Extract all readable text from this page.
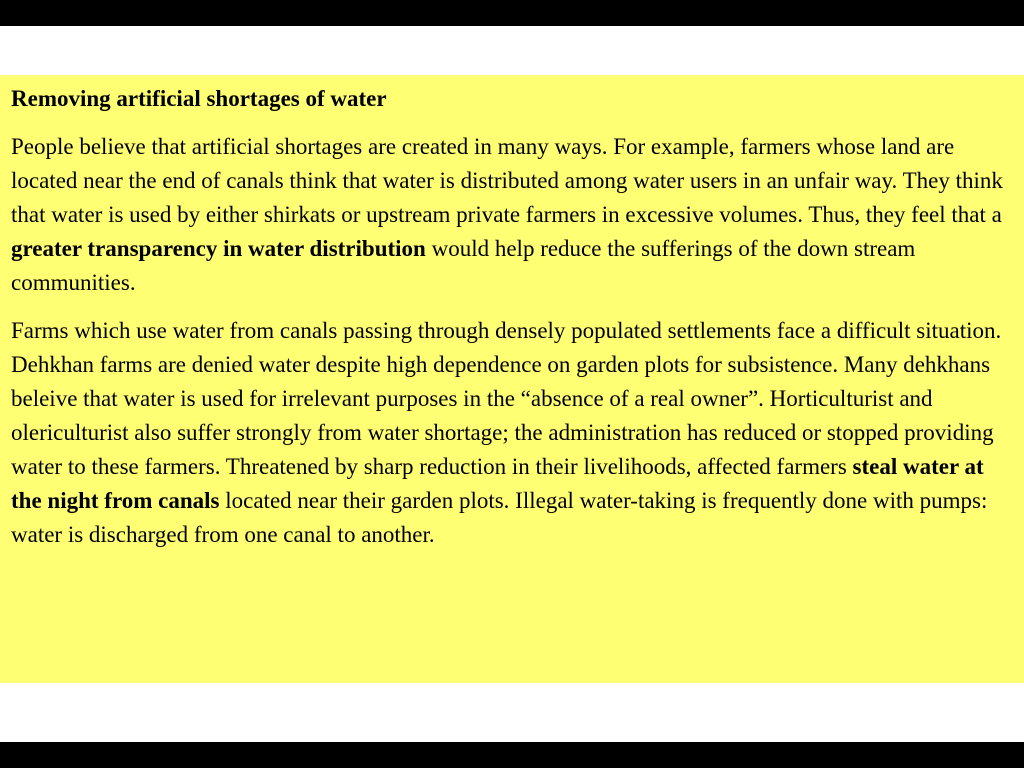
Removing artificial shortages of water

People believe that artificial shortages are created in many ways. For example, farmers whose land are located near the end of canals think that water is distributed among water users in an unfair way. They think that water is used by either shirkats or upstream private farmers in excessive volumes. Thus, they feel that a greater transparency in water distribution would help reduce the sufferings of the down stream communities.

Farms which use water from canals passing through densely populated settlements face a difficult situation. Dehkhan farms are denied water despite high dependence on garden plots for subsistence. Many dehkhans beleive that water is used for irrelevant purposes in the “absence of a real owner”. Horticulturist and olericulturist also suffer strongly from water shortage; the administration has reduced or stopped providing water to these farmers. Threatened by sharp reduction in their livelihoods, affected farmers steal water at the night from canals located near their garden plots. Illegal water-taking is frequently done with pumps: water is discharged from one canal to another.
